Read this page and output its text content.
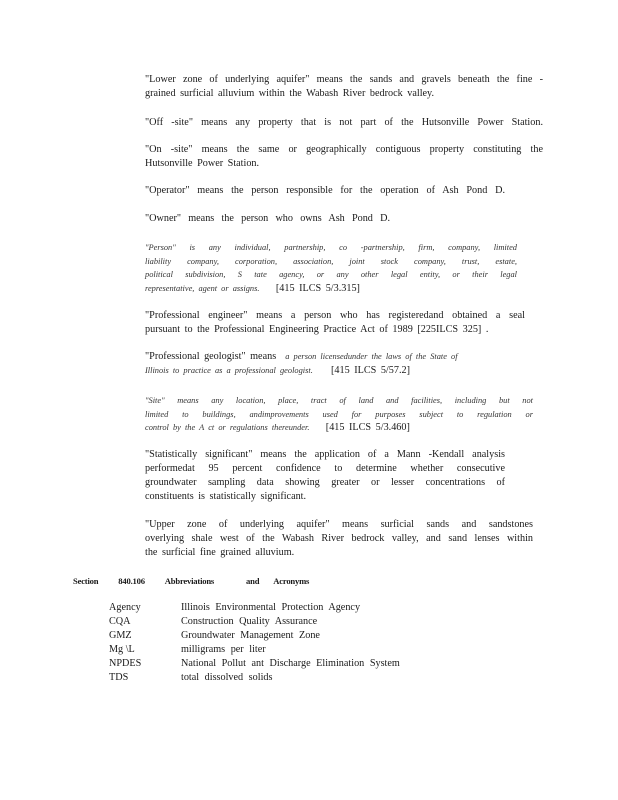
"Lower zone of underlying aquifer" means the sands and gravels beneath the fine -
grained surficial alluvium within the Wabash River bedrock valley.
"Off -site" means any property that is not part of the Hutsonville Power Station.
"On -site" means the same or geographically contiguous property constituting the
Hutsonville Power Station.
"Operator" means the person responsible for the operation of Ash Pond D.
"Owner" means the person who owns Ash Pond D.
"Person" is any individual, partnership, co -partnership, firm, company, limited
liability company, corporation, association, joint stock company, trust, estate,
political subdivision, S tate agency, or any other legal entity, or their legal
representative, agent or assigns. [415 ILCS 5/3.315]
"Professional engineer" means a person who has registeredand obtained a seal
pursuant to the Professional Engineering Practice Act of 1989 [225ILCS 325] .
"Professional geologist" means a person licensedunder the laws of the State of
Illinois to practice as a professional geologist. [415 ILCS 5/57.2]
"Site" means any location, place, tract of land and facilities, including but not
limited to buildings, andimprovements used for purposes subject to regulation or
control by the A ct or regulations thereunder. [415 ILCS 5/3.460]
"Statistically significant" means the application of a Mann -Kendall analysis
performedat 95 percent confidence to determine whether consecutive
groundwater sampling data showing greater or lesser concentrations of
constituents is statistically significant.
"Upper zone of underlying aquifer" means surficial sands and sandstones
overlying shale west of the Wabash River bedrock valley, and sand lenses within
the surficial fine grained alluvium.
Section 840.106 Abbreviations	and Acronyms
Agency	Illinois Environmental Protection Agency
CQA	Construction Quality Assurance
GMZ	Groundwater Management Zone
Mg \L	milligrams per liter
NPDES	National Pollut ant Discharge Elimination System
TDS	total dissolved solids
